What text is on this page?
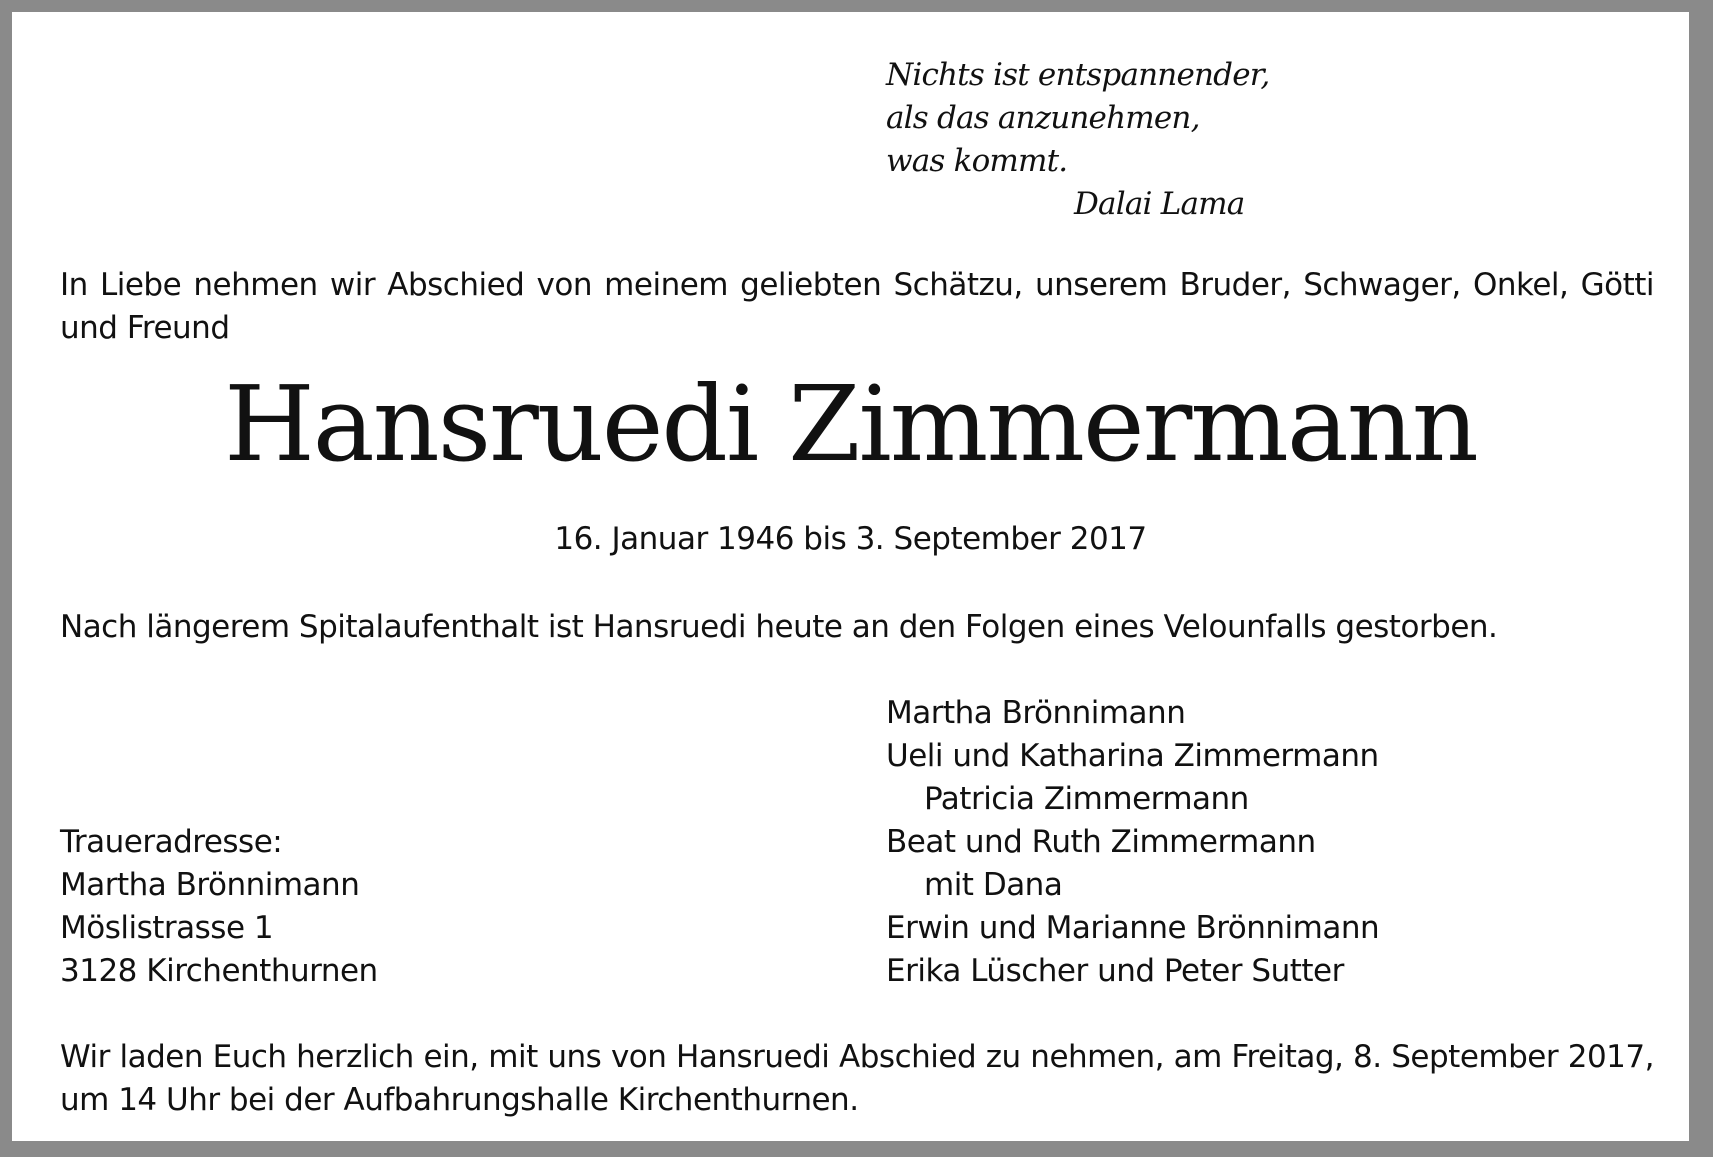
Nichts ist entspannender,
als das anzunehmen,
was kommt.
Dalai Lama
In Liebe nehmen wir Abschied von meinem geliebten Schätzu, unserem Bruder, Schwager, Onkel, Götti und Freund
Hansruedi Zimmermann
16. Januar 1946 bis 3. September 2017
Nach längerem Spitalaufenthalt ist Hansruedi heute an den Folgen eines Velounfalls gestorben.
Martha Brönnimann
Ueli und Katharina Zimmermann
Patricia Zimmermann
Beat und Ruth Zimmermann
mit Dana
Erwin und Marianne Brönnimann
Erika Lüscher und Peter Sutter
Traueradresse:
Martha Brönnimann
Möslistrasse 1
3128 Kirchenthurnen
Wir laden Euch herzlich ein, mit uns von Hansruedi Abschied zu nehmen, am Freitag, 8. September 2017,
um 14 Uhr bei der Aufbahrungshalle Kirchenthurnen.
